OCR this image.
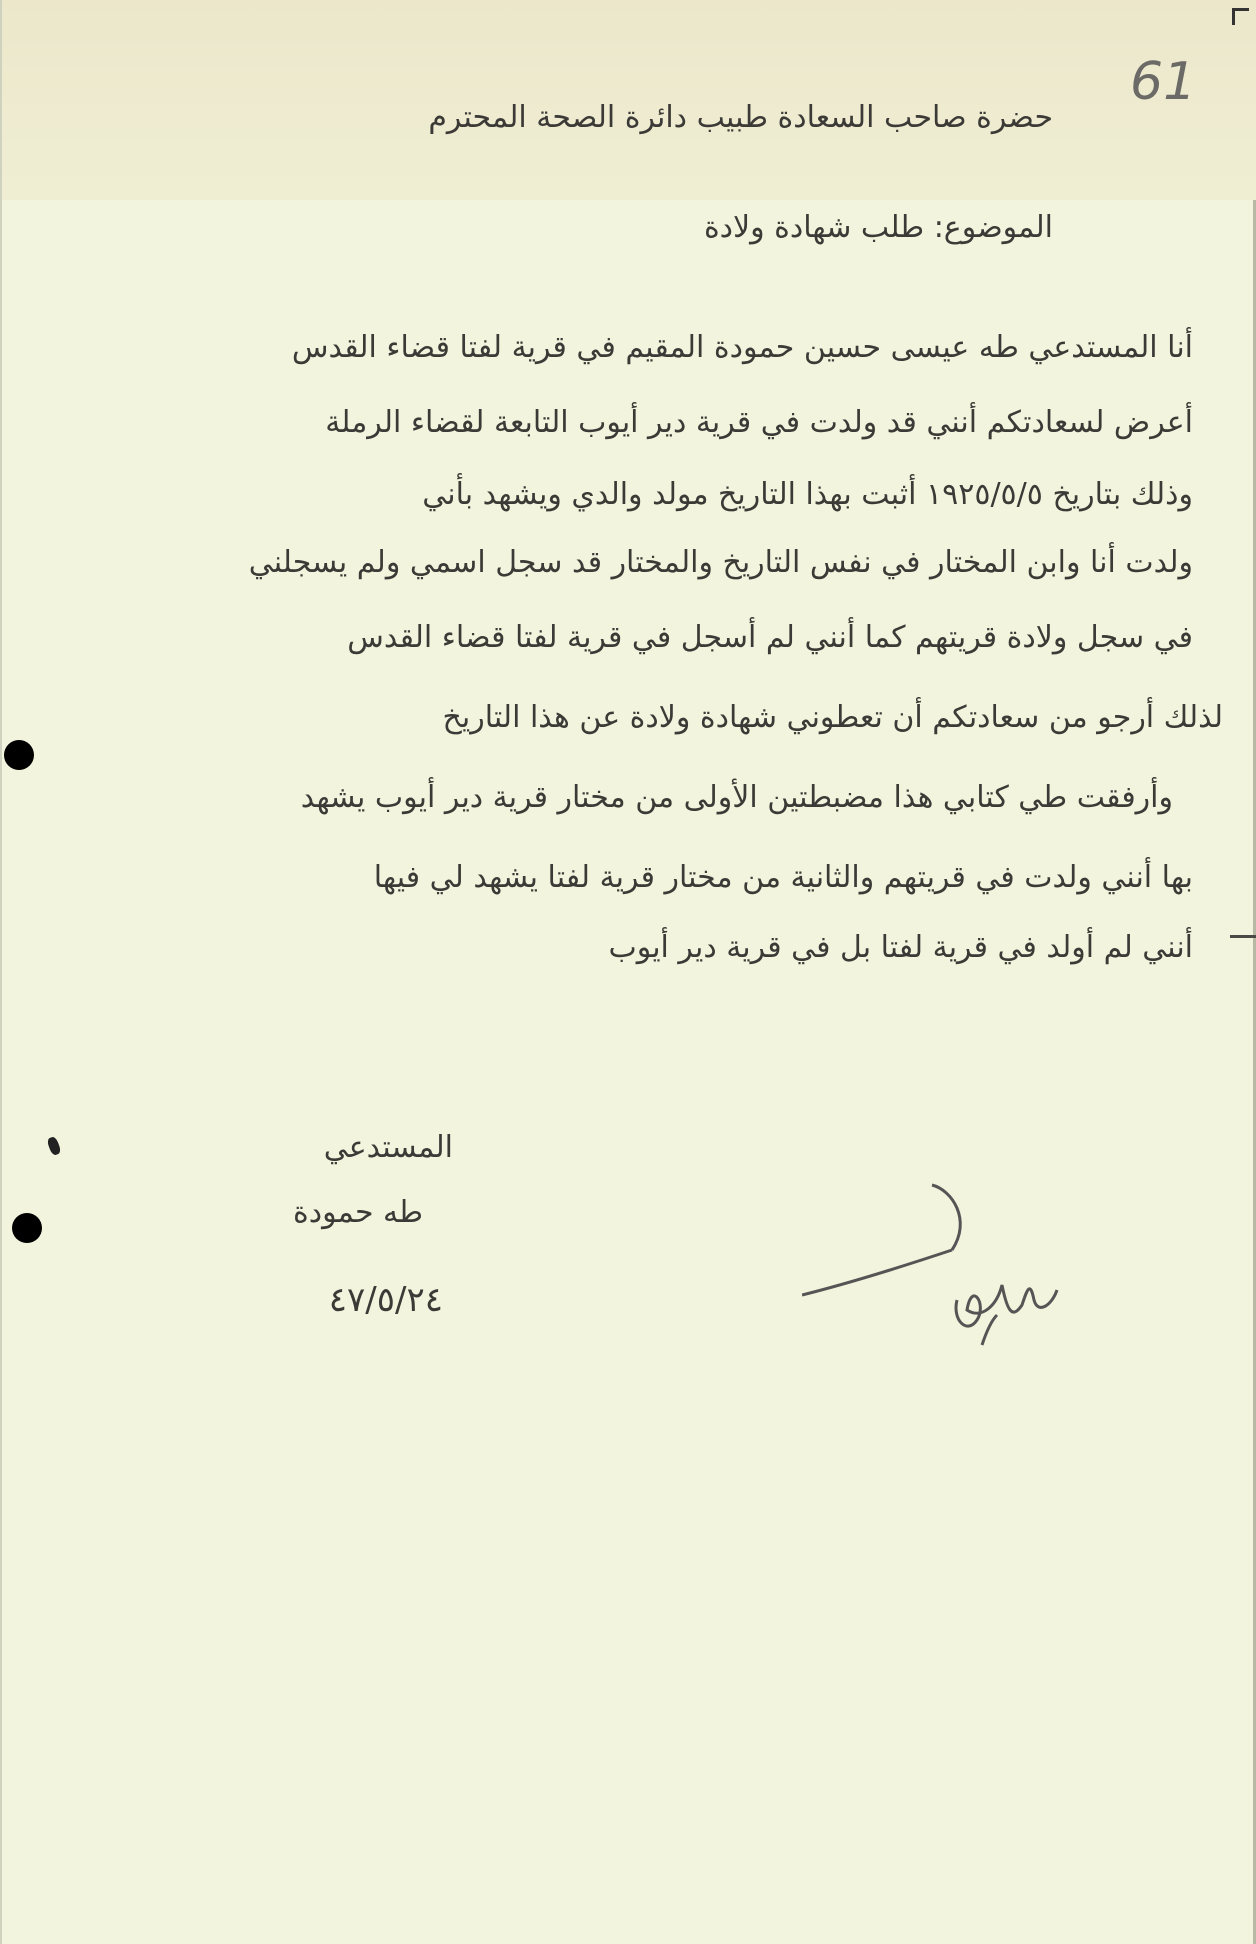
61
حضرة صاحب السعادة طبيب دائرة الصحة المحترم
الموضوع: طلب شهادة ولادة
أنا المستدعي طه عيسى حسين حمودة المقيم في قرية لفتا قضاء القدس
أعرض لسعادتكم أنني قد ولدت في قرية دير أيوب التابعة لقضاء الرملة
وذلك بتاريخ ١٩٢٥/٥/٥ أثبت بهذا التاريخ مولد والدي ويشهد بأني
ولدت أنا وابن المختار في نفس التاريخ والمختار قد سجل اسمي ولم يسجلني
في سجل ولادة قريتهم كما أنني لم أسجل في قرية لفتا قضاء القدس
لذلك أرجو من سعادتكم أن تعطوني شهادة ولادة عن هذا التاريخ
وأرفقت طي كتابي هذا مضبطتين الأولى من مختار قرية دير أيوب يشهد
بها أنني ولدت في قريتهم والثانية من مختار قرية لفتا يشهد لي فيها
أنني لم أولد في قرية لفتا بل في قرية دير أيوب
المستدعي
طه حمودة
٤٧/٥/٢٤
